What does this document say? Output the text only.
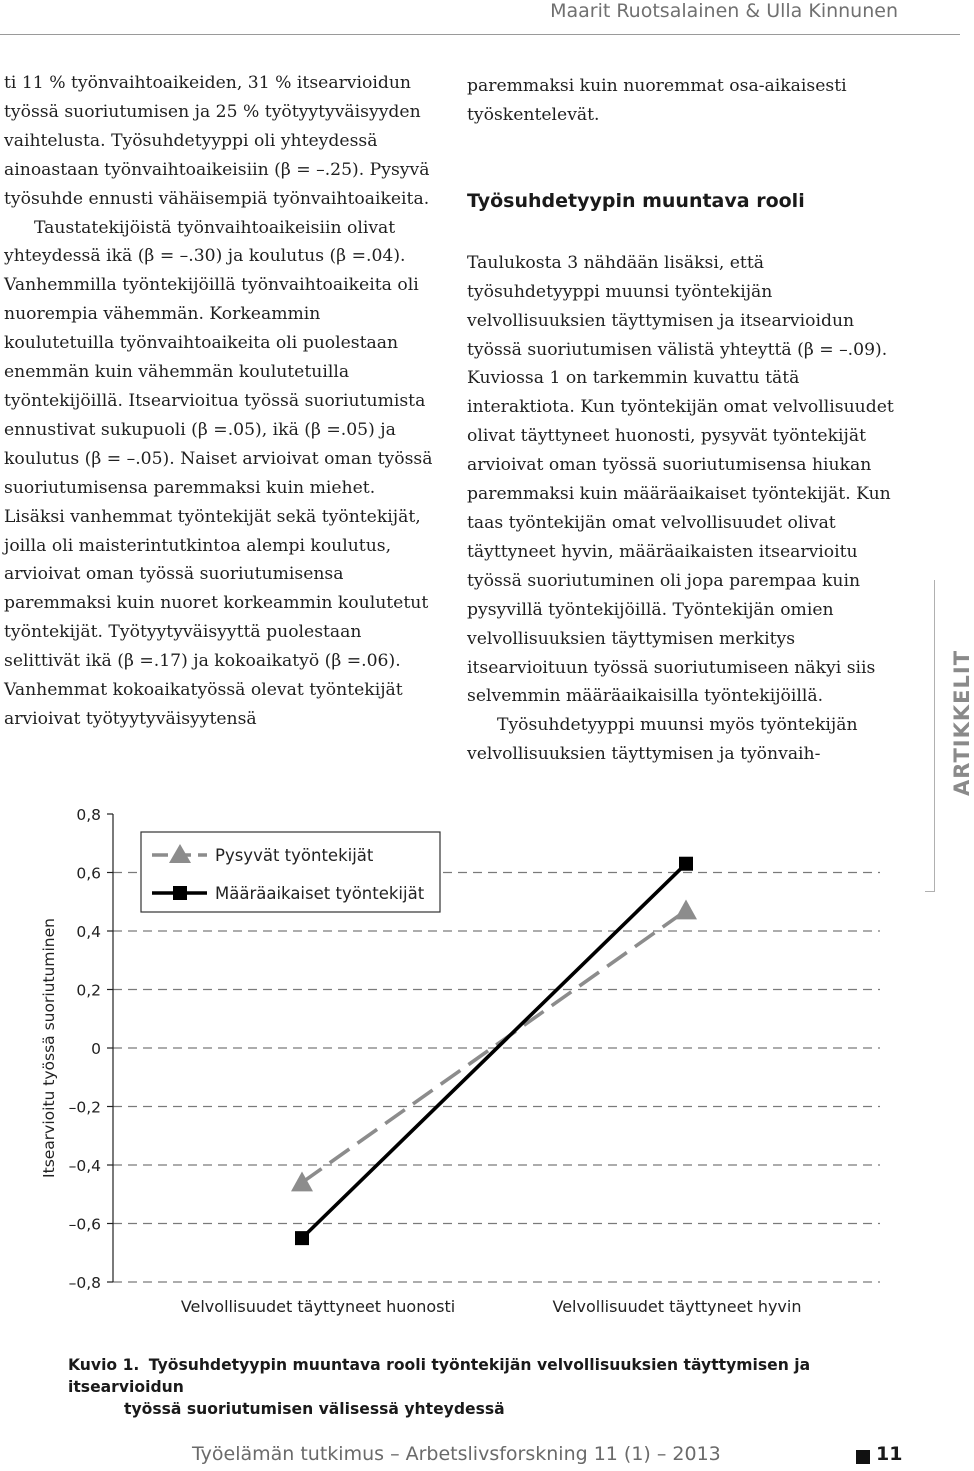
Maarit Ruotsalainen & Ulla Kinnunen

ti 11 % työnvaihtoaikeiden, 31 % itsearvioidun työssä suoriutumisen ja 25 % työtyytyväisyyden vaihtelusta. Työsuhdetyyppi oli yhteydessä ainoastaan työnvaihtoaikeisiin (β = –.25). Pysyvä työsuhde ennusti vähäisempiä työnvaihtoaikeita.

Taustatekijöistä työnvaihtoaikeisiin olivat yhteydessä ikä (β = –.30) ja koulutus (β =.04). Vanhemmilla työntekijöillä työnvaihtoaikeita oli nuorempia vähemmän. Korkeammin koulutetuilla työnvaihtoaikeita oli puolestaan enemmän kuin vähemmän koulutetuilla työntekijöillä. Itsearvioitua työssä suoriutumista ennustivat sukupuoli (β =.05), ikä (β =.05) ja koulutus (β = –.05). Naiset arvioivat oman työssä suoriutumisensa paremmaksi kuin miehet. Lisäksi vanhemmat työntekijät sekä työntekijät, joilla oli maisterintutkintoa alempi koulutus, arvioivat oman työssä suoriutumisensa paremmaksi kuin nuoret korkeammin koulutetut työntekijät. Työtyytyväisyyttä puolestaan selittivät ikä (β =.17) ja kokoaikatyö (β =.06). Vanhemmat kokoaikatyössä olevat työntekijät arvioivat työtyytyväisyytensä

paremmaksi kuin nuoremmat osa-aikaisesti työskentelevät.

Työsuhdetyypin muuntava rooli

Taulukosta 3 nähdään lisäksi, että työsuhdetyyppi muunsi työntekijän velvollisuuksien täyttymisen ja itsearvioidun työssä suoriutumisen välistä yhteyttä (β = –.09). Kuviossa 1 on tarkemmin kuvattu tätä interaktiota. Kun työntekijän omat velvollisuudet olivat täyttyneet huonosti, pysyvät työntekijät arvioivat oman työssä suoriutumisensa hiukan paremmaksi kuin määräaikaiset työntekijät. Kun taas työntekijän omat velvollisuudet olivat täyttyneet hyvin, määräaikaisten itsearvioitu työssä suoriutuminen oli jopa parempaa kuin pysyvillä työntekijöillä. Työntekijän omien velvollisuuksien täyttymisen merkitys itsearvioituun työssä suoriutumiseen näkyi siis selvemmin määräaikaisilla työntekijöillä.

Työsuhdetyyppi muunsi myös työntekijän velvollisuuksien täyttymisen ja työnvaih-	ARTIKKELIT
0,8
0,6
0,4
0,2
0
–0,2
–0,4
–0,6
–0,8
Itsearvioitu työssä suoriutuminen
Velvollisuudet täyttyneet huonosti	Velvollisuudet täyttyneet hyvin
Pysyvät työntekijät
Määräaikaiset työntekijät
Kuvio 1. Työsuhdetyypin muuntava rooli työntekijän velvollisuuksien täyttymisen ja itsearvioidun
työssä suoriutumisen välisessä yhteydessä
Työelämän tutkimus – Arbetslivsforskning 11 (1) – 2013	11
